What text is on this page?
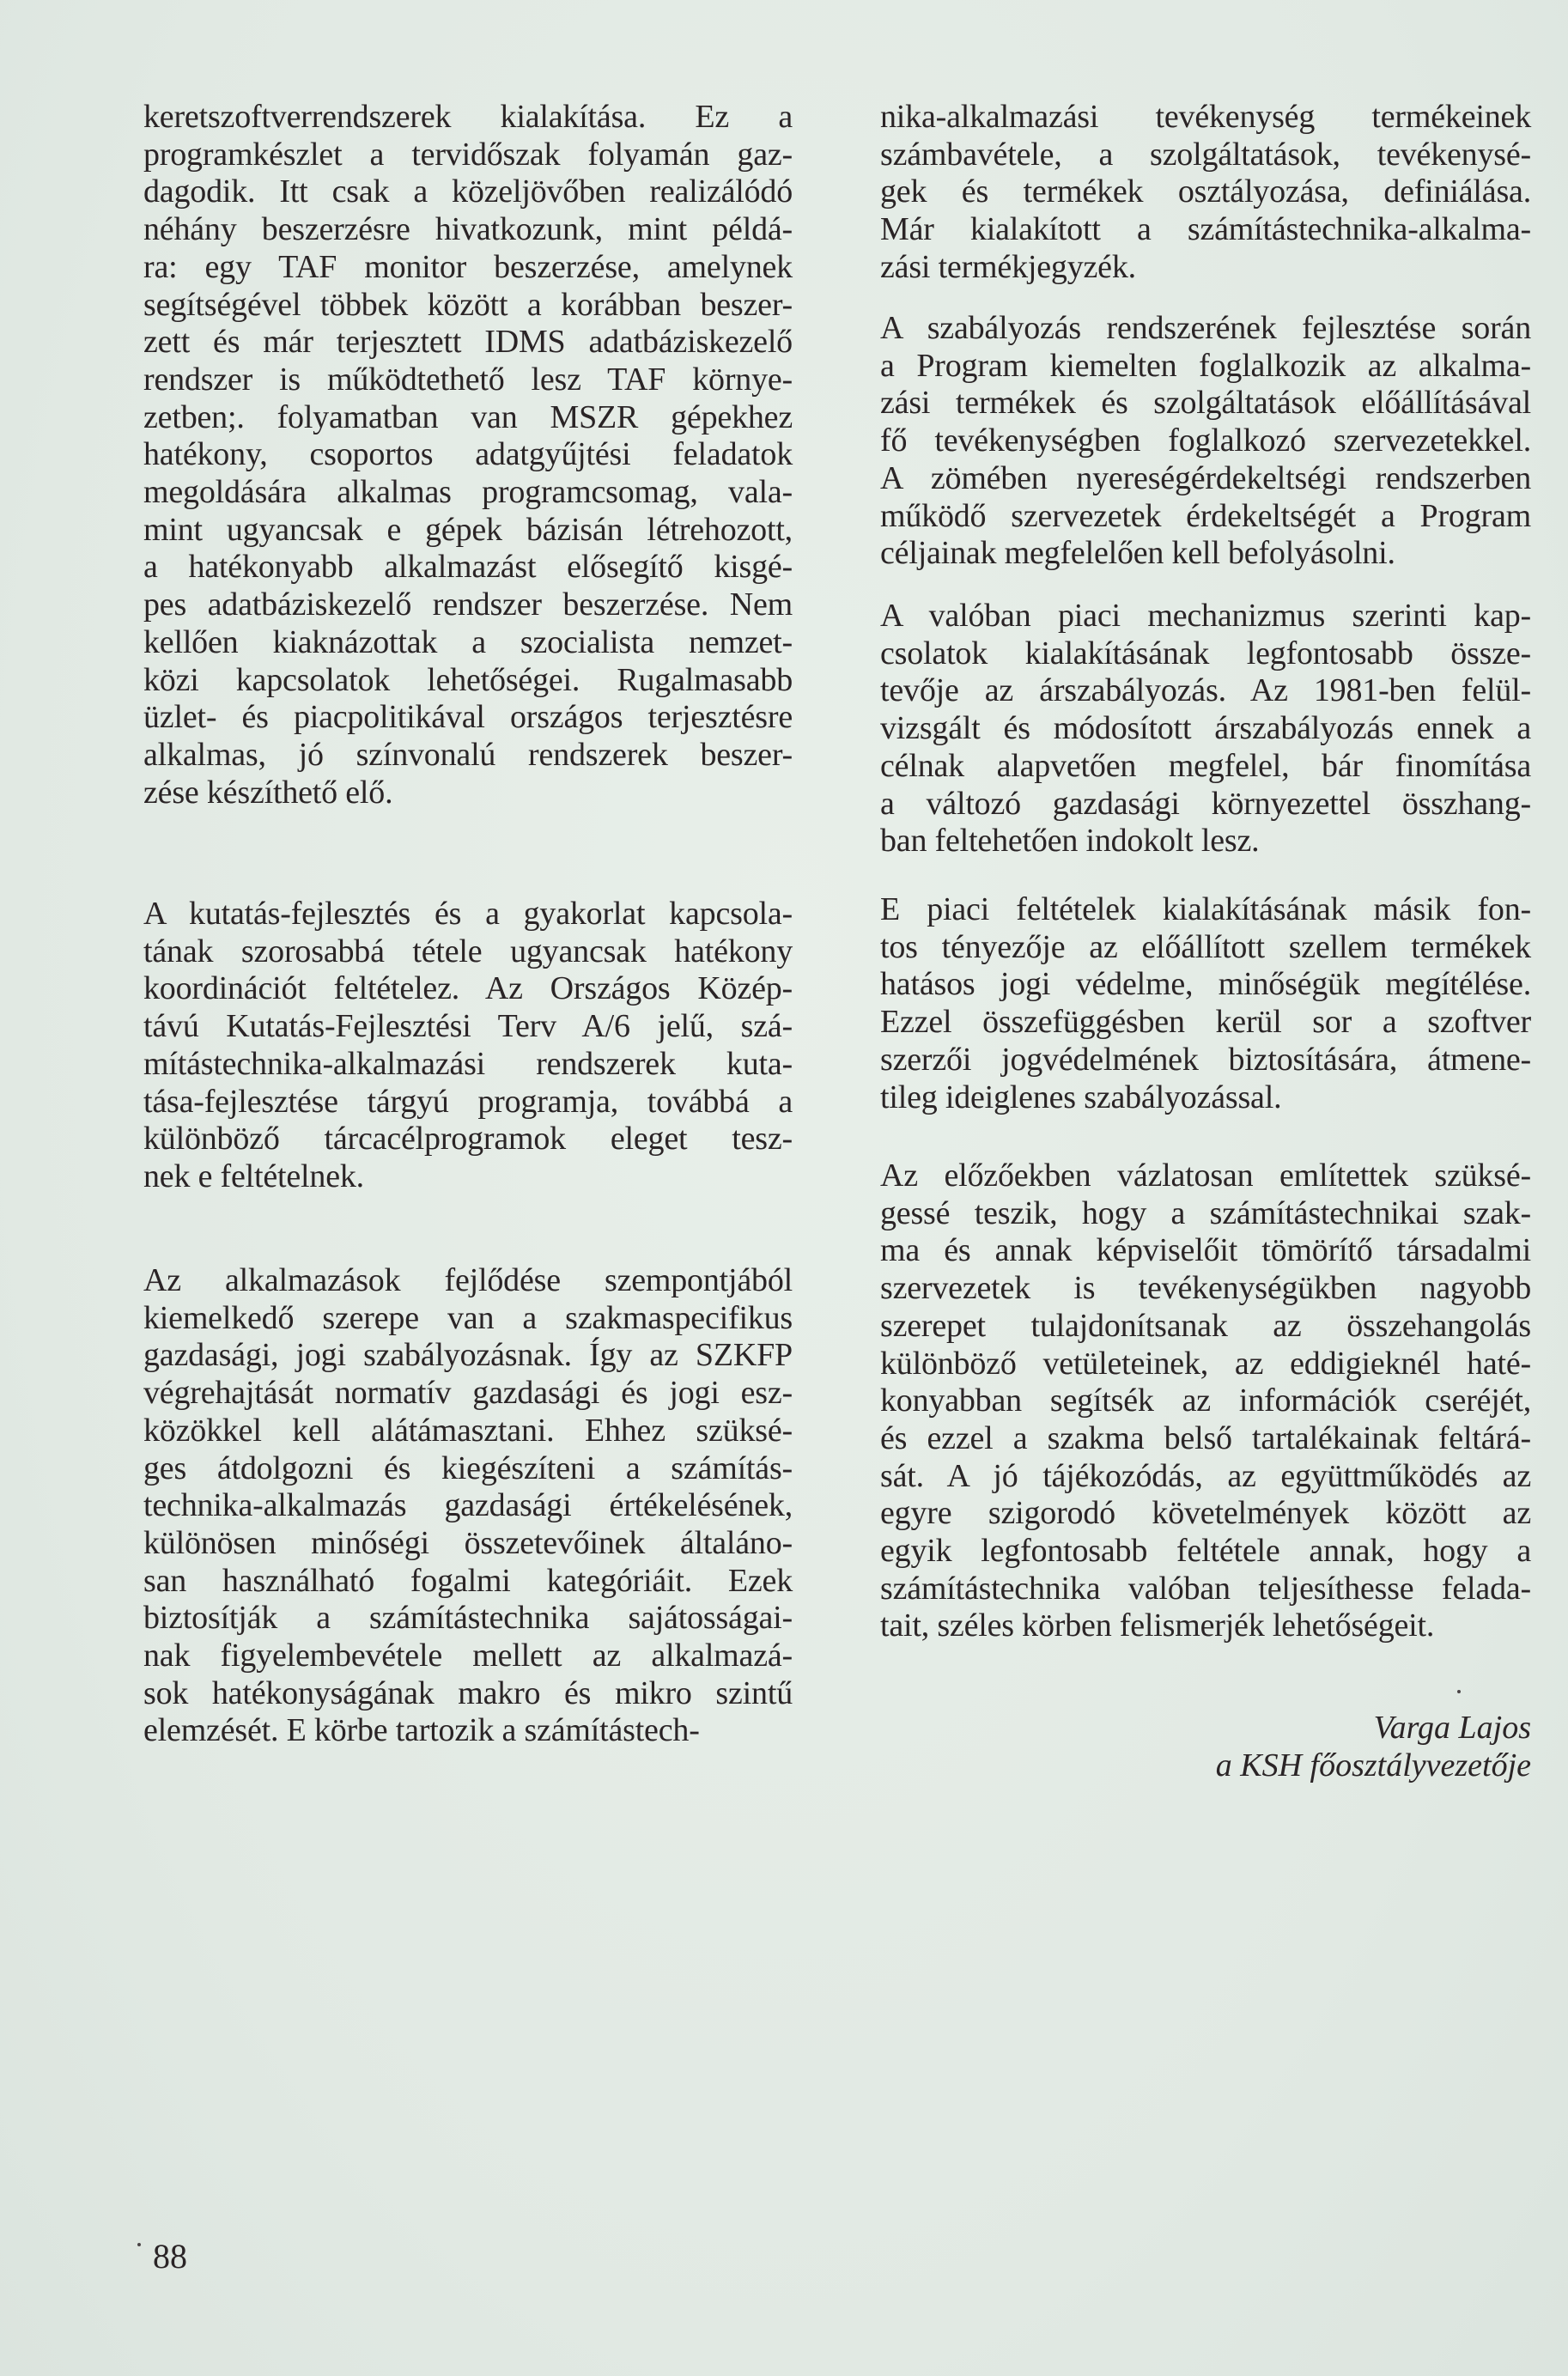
keretszoftverrendszerek kialakítása. Ez a
programkészlet a tervidőszak folyamán gaz-
dagodik. Itt csak a közeljövőben realizálódó
néhány beszerzésre hivatkozunk, mint példá-
ra: egy TAF monitor beszerzése, amelynek
segítségével többek között a korábban beszer-
zett és már terjesztett IDMS adatbáziskezelő
rendszer is működtethető lesz TAF környe-
zetben;. folyamatban van MSZR gépekhez
hatékony, csoportos adatgyűjtési feladatok
megoldására alkalmas programcsomag, vala-
mint ugyancsak e gépek bázisán létrehozott,
a hatékonyabb alkalmazást elősegítő kisgé-
pes adatbáziskezelő rendszer beszerzése. Nem
kellően kiaknázottak a szocialista nemzet-
közi kapcsolatok lehetőségei. Rugalmasabb
üzlet- és piacpolitikával országos terjesztésre
alkalmas, jó színvonalú rendszerek beszer-
zése készíthető elő.
A kutatás-fejlesztés és a gyakorlat kapcsola-
tának szorosabbá tétele ugyancsak hatékony
koordinációt feltételez. Az Országos Közép-
távú Kutatás-Fejlesztési Terv A/6 jelű, szá-
mítástechnika-alkalmazási rendszerek kuta-
tása-fejlesztése tárgyú programja, továbbá a
különböző tárcacélprogramok eleget tesz-
nek e feltételnek.
Az alkalmazások fejlődése szempontjából
kiemelkedő szerepe van a szakmaspecifikus
gazdasági, jogi szabályozásnak. Így az SZKFP
végrehajtását normatív gazdasági és jogi esz-
közökkel kell alátámasztani. Ehhez szüksé-
ges átdolgozni és kiegészíteni a számítás-
technika-alkalmazás gazdasági értékelésének,
különösen minőségi összetevőinek általáno-
san használható fogalmi kategóriáit. Ezek
biztosítják a számítástechnika sajátosságai-
nak figyelembevétele mellett az alkalmazá-
sok hatékonyságának makro és mikro szintű
elemzését. E körbe tartozik a számítástech-	Varga Lajos
a KSH főosztályvezetője
nika-alkalmazási tevékenység termékeinek
számbavétele, a szolgáltatások, tevékenysé-
gek és termékek osztályozása, definiálása.
Már kialakított a számítástechnika-alkalma-
zási termékjegyzék.
A szabályozás rendszerének fejlesztése során
a Program kiemelten foglalkozik az alkalma-
zási termékek és szolgáltatások előállításával
fő tevékenységben foglalkozó szervezetekkel.
A zömében nyereségérdekeltségi rendszerben
működő szervezetek érdekeltségét a Program
céljainak megfelelően kell befolyásolni.
A valóban piaci mechanizmus szerinti kap-
csolatok kialakításának legfontosabb össze-
tevője az árszabályozás. Az 1981-ben felül-
vizsgált és módosított árszabályozás ennek a
célnak alapvetően megfelel, bár finomítása
a változó gazdasági környezettel összhang-
ban feltehetően indokolt lesz.
E piaci feltételek kialakításának másik fon-
tos tényezője az előállított szellem termékek
hatásos jogi védelme, minőségük megítélése.
Ezzel összefüggésben kerül sor a szoftver
szerzői jogvédelmének biztosítására, átmene-
tileg ideiglenes szabályozással.
Az előzőekben vázlatosan említettek szüksé-
gessé teszik, hogy a számítástechnikai szak-
ma és annak képviselőit tömörítő társadalmi
szervezetek is tevékenységükben nagyobb
szerepet tulajdonítsanak az összehangolás
különböző vetületeinek, az eddigieknél haté-
konyabban segítsék az információk cseréjét,
és ezzel a szakma belső tartalékainak feltárá-
sát. A jó tájékozódás, az együttműködés az
egyre szigorodó követelmények között az
egyik legfontosabb feltétele annak, hogy a
számítástechnika valóban teljesíthesse felada-
tait, széles körben felismerjék lehetőségeit.
88
